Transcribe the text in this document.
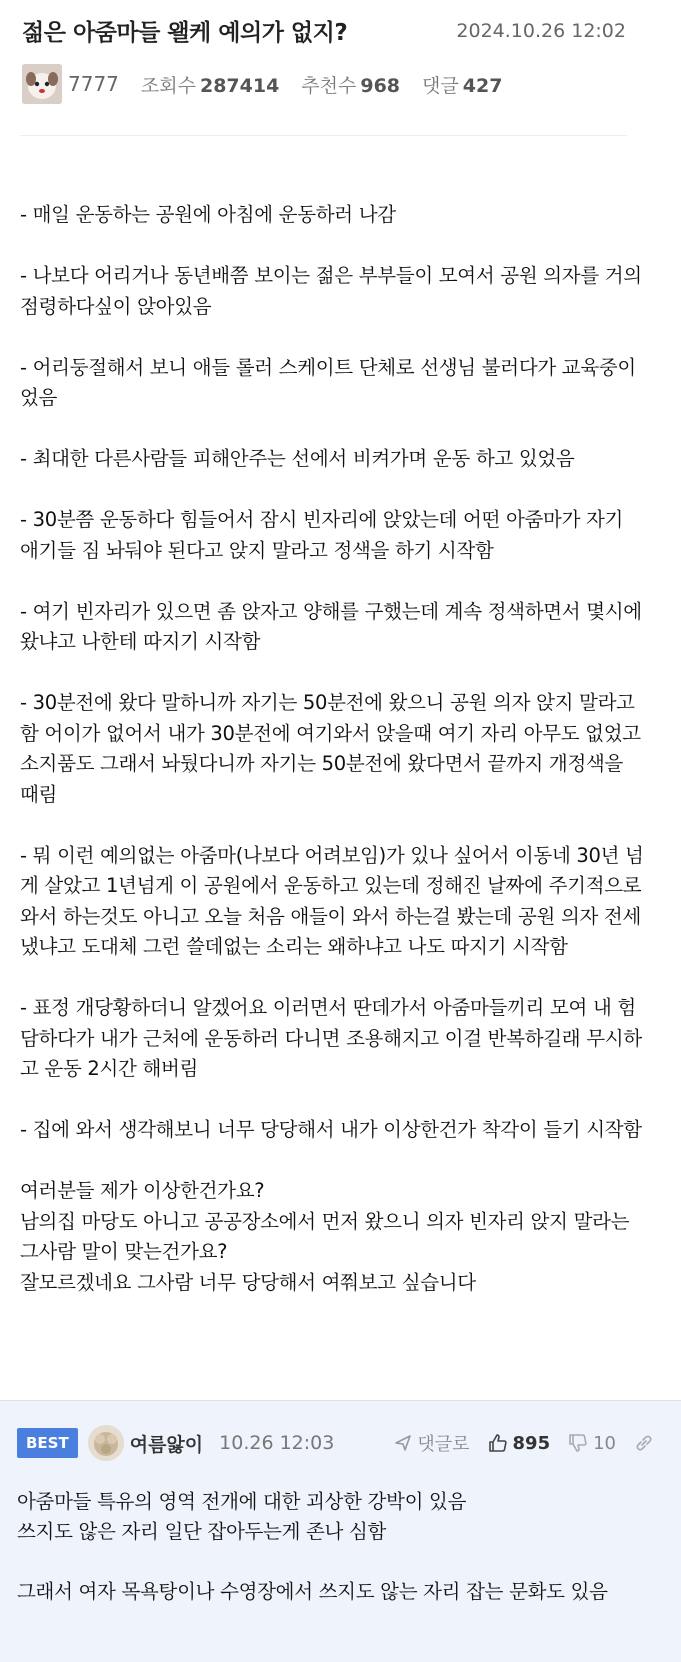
젊은 아줌마들 왤케 예의가 없지?	2024.10.26 12:02
7777 조회수 287414 추천수 968 댓글 427

- 매일 운동하는 공원에 아침에 운동하러 나감

- 나보다 어리거나 동년배쯤 보이는 젊은 부부들이 모여서 공원 의자를 거의 점령하다싶이 앉아있음

- 어리둥절해서 보니 애들 롤러 스케이트 단체로 선생님 불러다가 교육중이었음

- 최대한 다른사람들 피해안주는 선에서 비켜가며 운동 하고 있었음

- 30분쯤 운동하다 힘들어서 잠시 빈자리에 앉았는데 어떤 아줌마가 자기 애기들 짐 놔둬야 된다고 앉지 말라고 정색을 하기 시작함

- 여기 빈자리가 있으면 좀 앉자고 양해를 구했는데 계속 정색하면서 몇시에 왔냐고 나한테 따지기 시작함

- 30분전에 왔다 말하니까 자기는 50분전에 왔으니 공원 의자 앉지 말라고 함 어이가 없어서 내가 30분전에 여기와서 앉을때 여기 자리 아무도 없었고 소지품도 그래서 놔뒀다니까 자기는 50분전에 왔다면서 끝까지 개정색을 때림

- 뭐 이런 예의없는 아줌마(나보다 어려보임)가 있나 싶어서 이동네 30년 넘게 살았고 1년넘게 이 공원에서 운동하고 있는데 정해진 날짜에 주기적으로 와서 하는것도 아니고 오늘 처음 애들이 와서 하는걸 봤는데 공원 의자 전세냈냐고 도대체 그런 쓸데없는 소리는 왜하냐고 나도 따지기 시작함

- 표정 개당황하더니 알겠어요 이러면서 딴데가서 아줌마들끼리 모여 내 험담하다가 내가 근처에 운동하러 다니면 조용해지고 이걸 반복하길래 무시하고 운동 2시간 해버림

- 집에 와서 생각해보니 너무 당당해서 내가 이상한건가 착각이 들기 시작함

여러분들 제가 이상한건가요?
남의집 마당도 아니고 공공장소에서 먼저 왔으니 의자 빈자리 앉지 말라는 그사람 말이 맞는건가요?
잘모르겠네요 그사람 너무 당당해서 여쭤보고 싶습니다

BEST	여름앓이 10.26 12:03	댓글로 895 10

아줌마들 특유의 영역 전개에 대한 괴상한 강박이 있음
쓰지도 않은 자리 일단 잡아두는게 존나 심함

그래서 여자 목욕탕이나 수영장에서 쓰지도 않는 자리 잡는 문화도 있음
